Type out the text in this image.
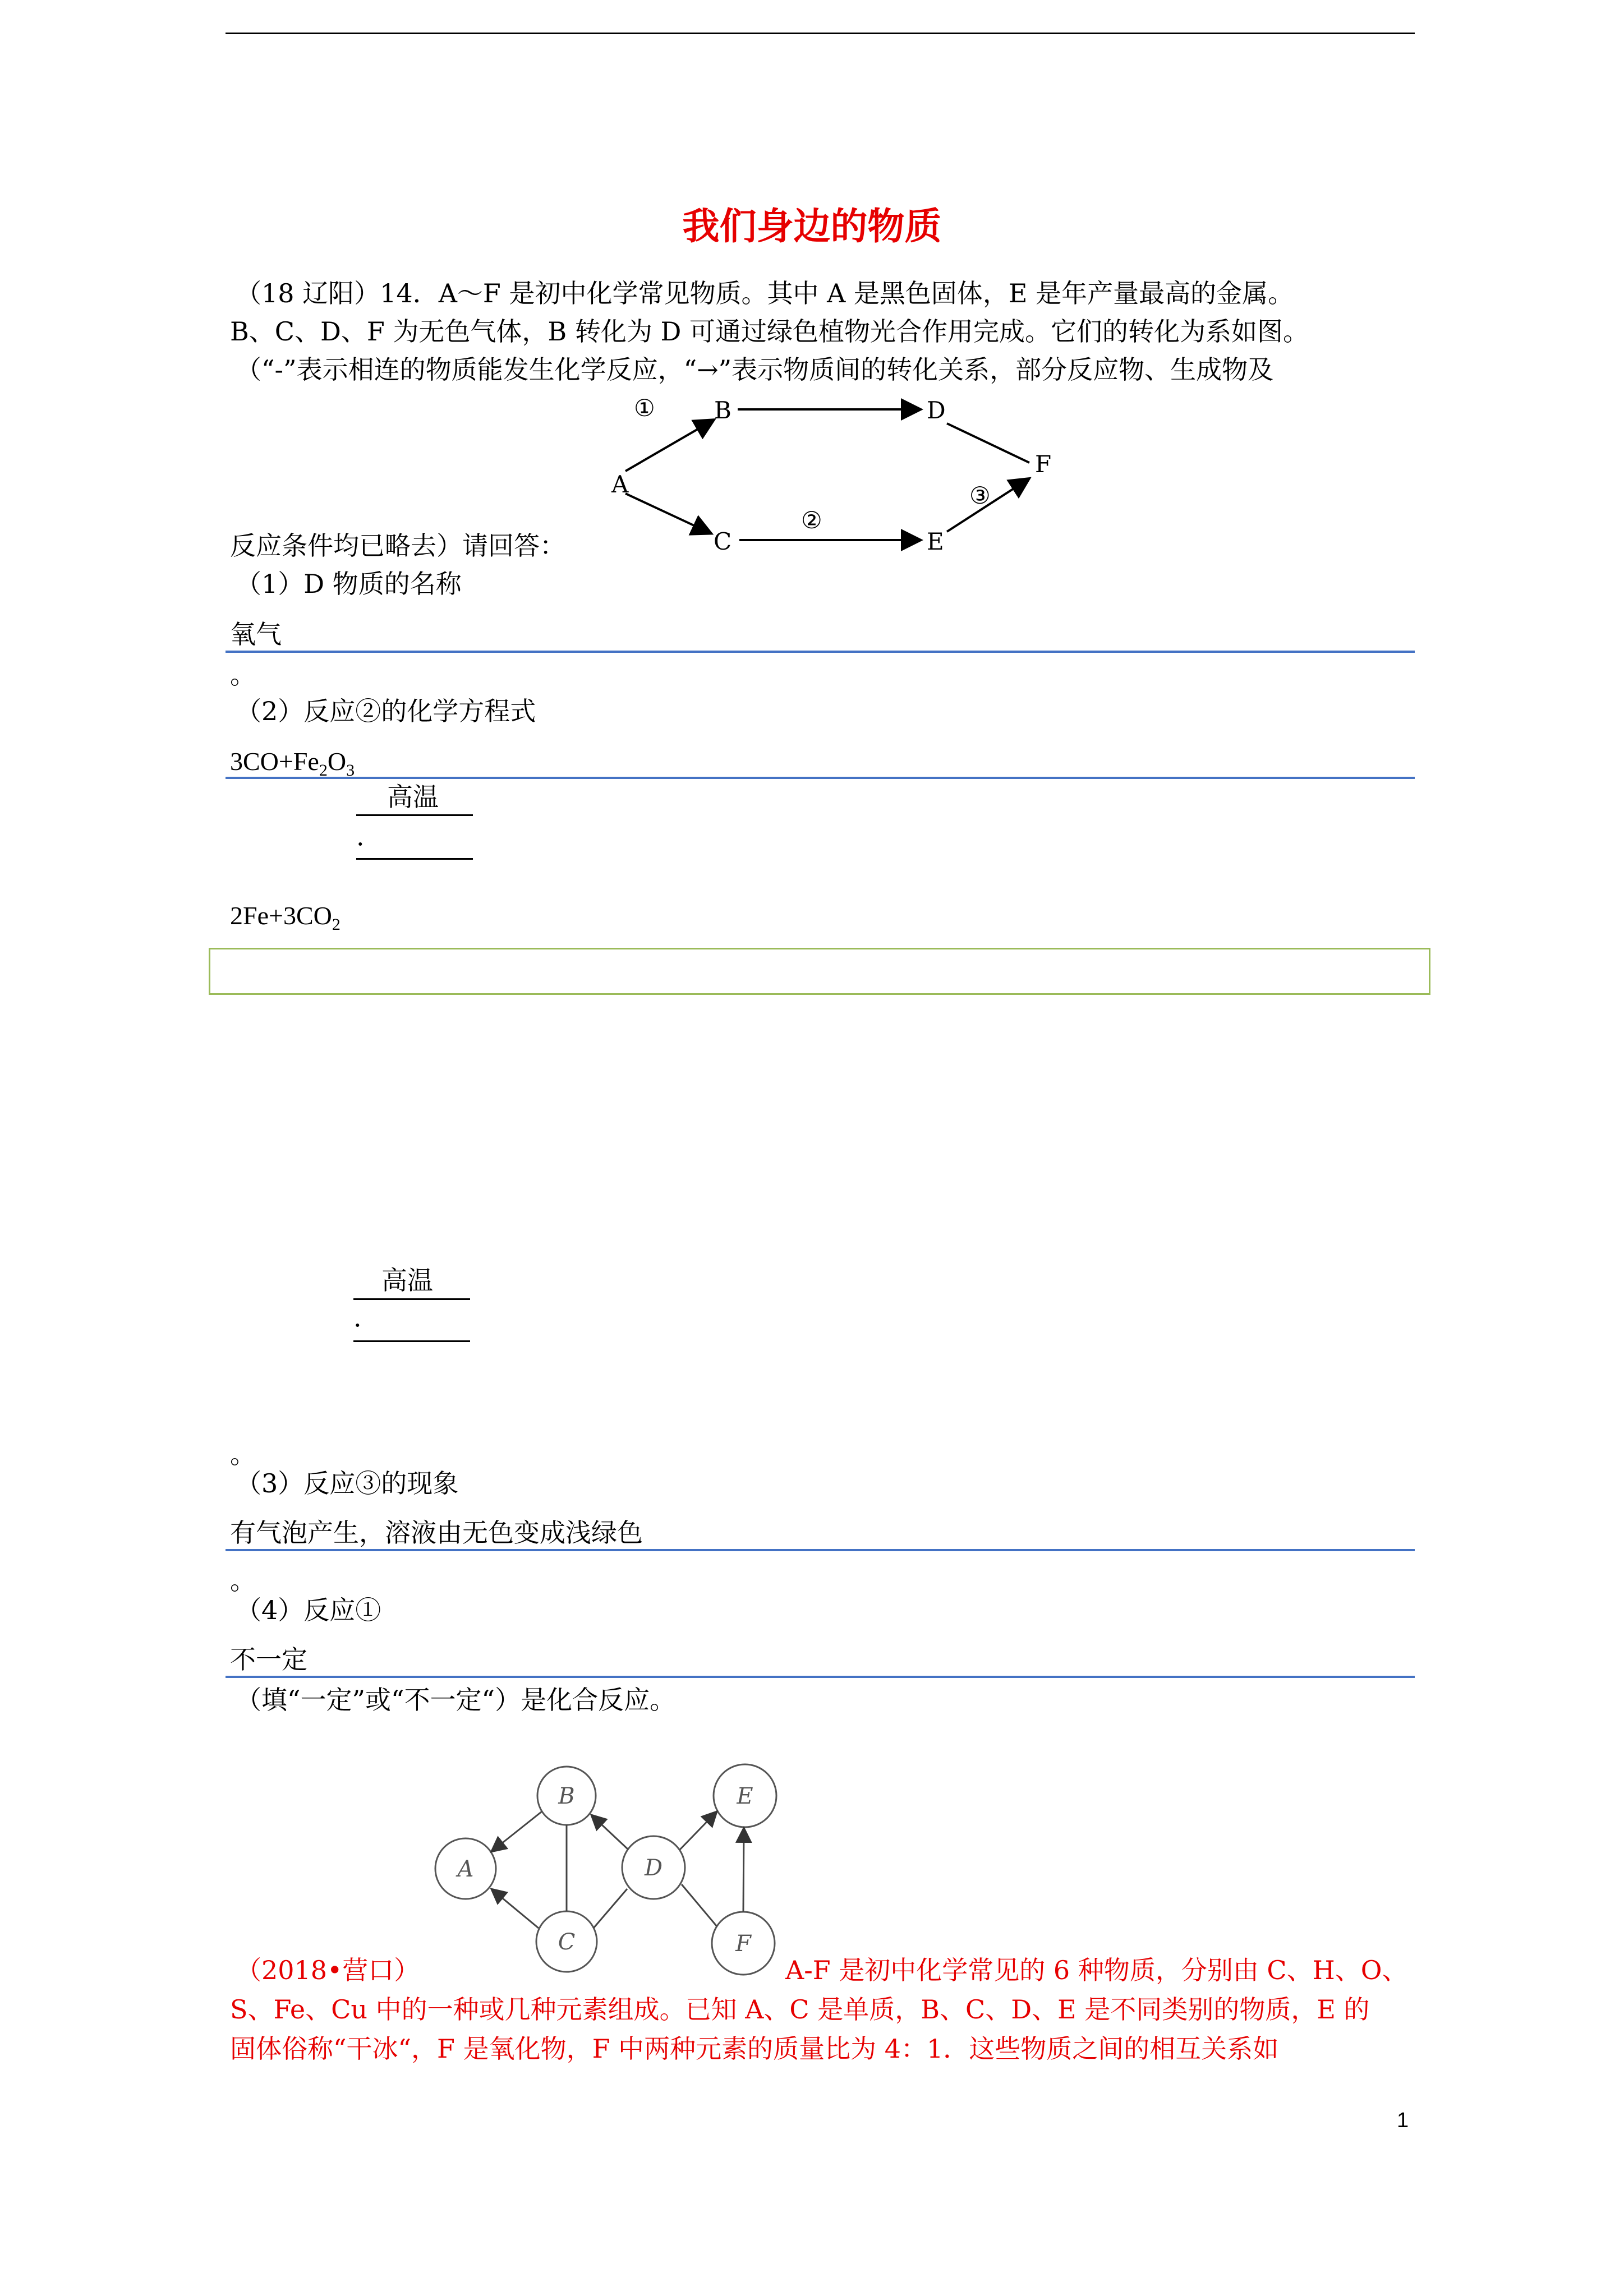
我们身边的物质
（18 辽阳）14．A～F 是初中化学常见物质。其中 A 是黑色固体，E 是年产量最高的金属。
B、C、D、F 为无色气体，B 转化为 D 可通过绿色植物光合作用完成。它们的转化为系如图。
（“-”表示相连的物质能发生化学反应，“→”表示物质间的转化关系，部分反应物、生成物及
A
B
C
D
E
F
①
②
③
反应条件均已略去）请回答：
（1）D 物质的名称
氧气
。
（2）反应②的化学方程式
$3CO+Fe_2O_3$
高温
·
$2Fe+3CO_2$
高温
·
。
（3）反应③的现象
有气泡产生，溶液由无色变成浅绿色
。
（4）反应①
不一定
（填“一定”或“不一定“）是化合反应。
A
B
C
D
E
F
（2018•营口）	A-F 是初中化学常见的 6 种物质，分别由 C、H、O、
S、Fe、Cu 中的一种或几种元素组成。已知 A、C 是单质，B、C、D、E 是不同类别的物质，E 的
固体俗称“干冰“，F 是氧化物，F 中两种元素的质量比为 4：1．这些物质之间的相互关系如
1
